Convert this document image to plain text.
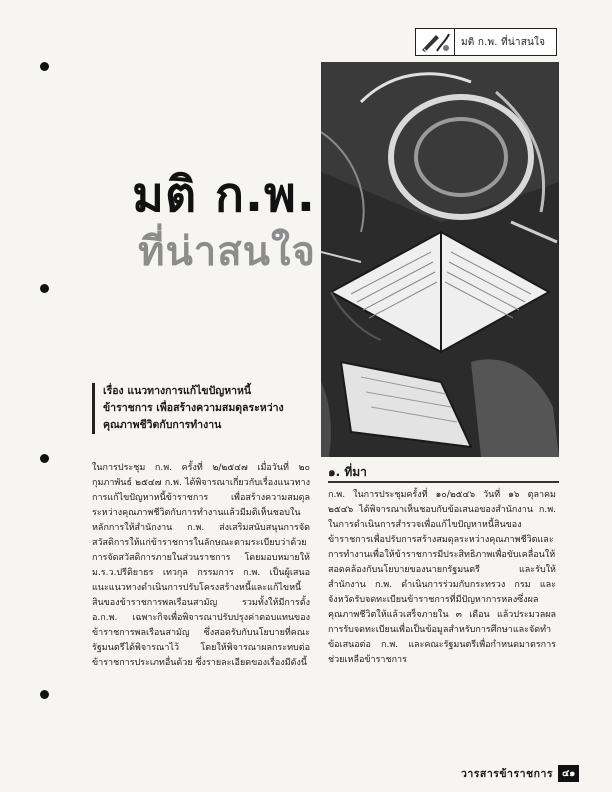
มติ ก.พ. ที่น่าสนใจ
มติ ก.พ.
ที่น่าสนใจ
เรื่อง แนวทางการแก้ไขปัญหาหนี้
ข้าราชการ เพื่อสร้างความสมดุลระหว่าง
คุณภาพชีวิตกับการทำงาน

ในการประชุม ก.พ. ครั้งที่ ๒/๒๕๔๗ เมื่อวันที่ ๒๐ กุมภาพันธ์ ๒๕๔๗ ก.พ. ได้พิจารณาเกี่ยวกับเรื่องแนวทางการแก้ไขปัญหาหนี้ข้าราชการ เพื่อสร้างความสมดุลระหว่างคุณภาพชีวิตกับการทำงานแล้วมีมติเห็นชอบในหลักการให้สำนักงาน ก.พ. ส่งเสริมสนับสนุนการจัดสวัสดิการให้แก่ข้าราชการในลักษณะตามระเบียบว่าด้วยการจัดสวัสดิการภายในส่วนราชการ โดยมอบหมายให้ ม.ร.ว.ปรีดิยาธร เทวกุล กรรมการ ก.พ. เป็นผู้เสนอแนะแนวทางดำเนินการปรับโครงสร้างหนี้และแก้ไขหนี้สินของข้าราชการพลเรือนสามัญ รวมทั้งให้มีการตั้ง อ.ก.พ. เฉพาะกิจเพื่อพิจารณาปรับปรุงค่าตอบแทนของข้าราชการพลเรือนสามัญ ซึ่งสอดรับกับนโยบายที่คณะรัฐมนตรีได้พิจารณาไว้ โดยให้พิจารณาผลกระทบต่อข้าราชการประเภทอื่นด้วย ซึ่งรายละเอียดของเรื่องมีดังนี้

๑. ที่มา

ก.พ. ในการประชุมครั้งที่ ๑๐/๒๕๔๖ วันที่ ๑๖ ตุลาคม ๒๕๔๖ ได้พิจารณาเห็นชอบกับข้อเสนอของสำนักงาน ก.พ. ในการดำเนินการสำรวจเพื่อแก้ไขปัญหาหนี้สินของข้าราชการเพื่อปรับการสร้างสมดุลระหว่างคุณภาพชีวิตและการทำงานเพื่อให้ข้าราชการมีประสิทธิภาพเพื่อขับเคลื่อนให้สอดคล้องกับนโยบายของนายกรัฐมนตรี และรับให้สำนักงาน ก.พ. ดำเนินการร่วมกับกระทรวง กรม และจังหวัดรับจดทะเบียนข้าราชการที่มีปัญหาการหลงซึ่งผลคุณภาพชีวิตให้แล้วเสร็จภายใน ๓ เดือน แล้วประมวลผลการรับจดทะเบียนเพื่อเป็นข้อมูลสำหรับการศึกษาและจัดทำข้อเสนอต่อ ก.พ. และคณะรัฐมนตรีเพื่อกำหนดมาตรการช่วยเหลือข้าราชการ

วารสารข้าราชการ ๔๑
